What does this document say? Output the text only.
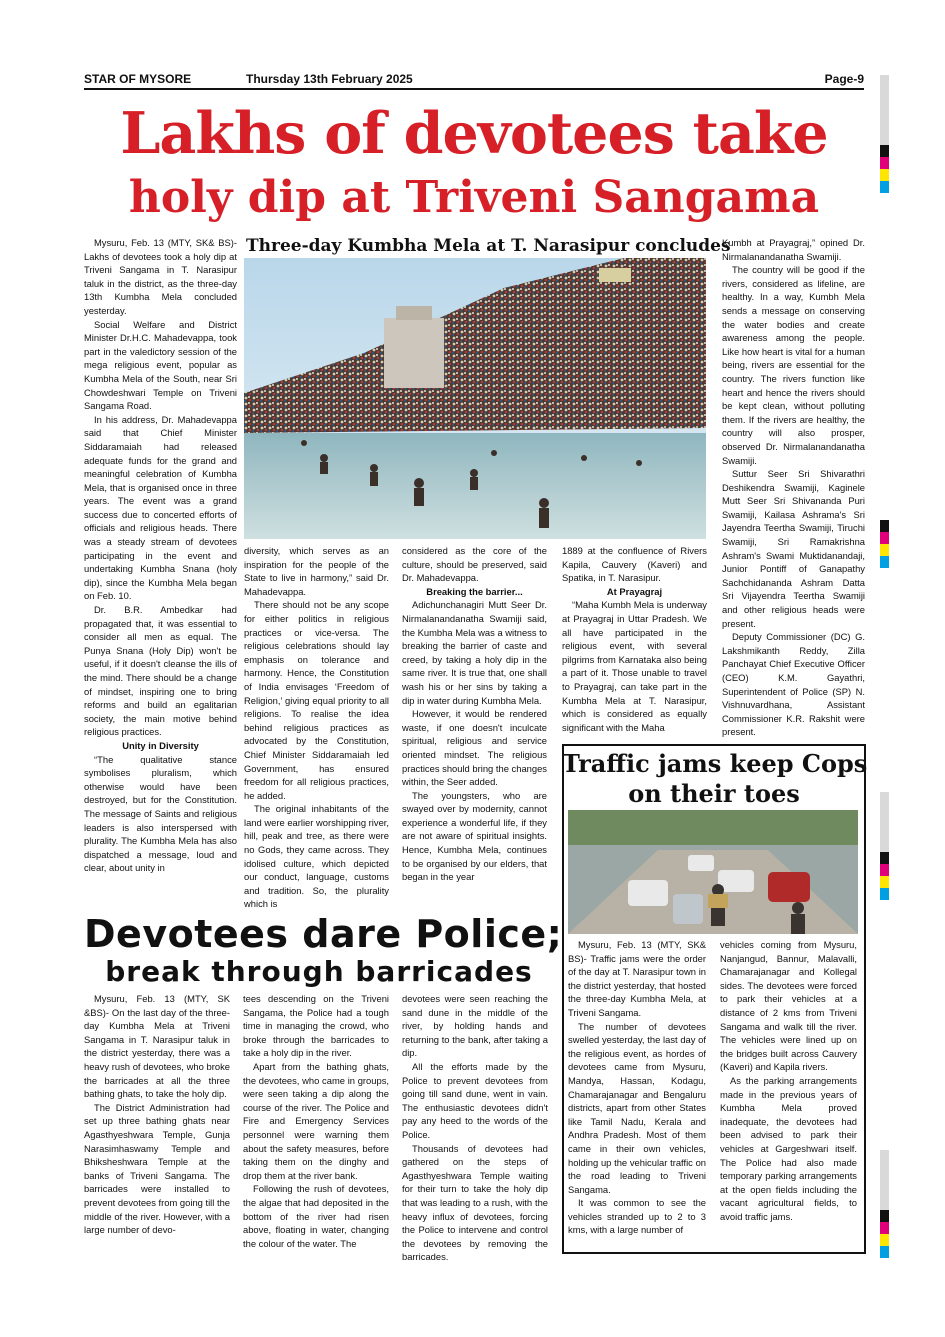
STAR OF MYSORE	Thursday 13th February 2025	Page-9
Lakhs of devotees take
holy dip at Triveni Sangama

Mysuru, Feb. 13 (MTY, SK& BS)- Lakhs of devotees took a holy dip at Triveni Sangama in T. Narasipur taluk in the district, as the three-day 13th Kumbha Mela concluded yesterday.

Social Welfare and District Minister Dr.H.C. Mahadevappa, took part in the valedictory session of the mega religious event, popular as Kumbha Mela of the South, near Sri Chowdeshwari Temple on Triveni Sangama Road.

In his address, Dr. Mahadevappa said that Chief Minister Siddaramaiah had released adequate funds for the grand and meaningful celebration of Kumbha Mela, that is organised once in three years. The event was a grand success due to concerted efforts of officials and religious heads. There was a steady stream of devotees participating in the event and undertaking Kumbha Snana (holy dip), since the Kumbha Mela began on Feb. 10.

Dr. B.R. Ambedkar had propagated that, it was essential to consider all men as equal. The Punya Snana (Holy Dip) won't be useful, if it doesn't cleanse the ills of the mind. There should be a change of mindset, inspiring one to bring reforms and build an egalitarian society, the main motive behind religious practices.

Unity in Diversity

“The qualitative stance symbolises pluralism, which otherwise would have been destroyed, but for the Constitution. The message of Saints and religious leaders is also interspersed with plurality. The Kumbha Mela has also dispatched a message, loud and clear, about unity in

Three-day Kumbha Mela at T. Narasipur concludes

diversity, which serves as an inspiration for the people of the State to live in harmony,” said Dr. Mahadevappa.

There should not be any scope for either politics in religious practices or vice-versa. The religious celebrations should lay emphasis on tolerance and harmony. Hence, the Constitution of India envisages ‘Freedom of Religion,’ giving equal priority to all religions. To realise the idea behind religious practices as advocated by the Constitution, Chief Minister Siddaramaiah led Government, has ensured freedom for all religious practices, he added.

The original inhabitants of the land were earlier worshipping river, hill, peak and tree, as there were no Gods, they came across. They idolised culture, which depicted our conduct, language, customs and tradition. So, the plurality which is

considered as the core of the culture, should be preserved, said Dr. Mahadevappa.

Breaking the barrier...

Adichunchanagiri Mutt Seer Dr. Nirmalanandanatha Swamiji said, the Kumbha Mela was a witness to breaking the barrier of caste and creed, by taking a holy dip in the same river. It is true that, one shall wash his or her sins by taking a dip in water during Kumbha Mela.

However, it would be rendered waste, if one doesn't inculcate spiritual, religious and service oriented mindset. The religious practices should bring the changes within, the Seer added.

The youngsters, who are swayed over by modernity, cannot experience a wonderful life, if they are not aware of spiritual insights. Hence, Kumbha Mela, continues to be organised by our elders, that began in the year

1889 at the confluence of Rivers Kapila, Cauvery (Kaveri) and Spatika, in T. Narasipur.

At Prayagraj

“Maha Kumbh Mela is underway at Prayagraj in Uttar Pradesh. We all have participated in the religious event, with several pilgrims from Karnataka also being a part of it. Those unable to travel to Prayagraj, can take part in the Kumbha Mela at T. Narasipur, which is considered as equally significant with the Maha

Kumbh at Prayagraj,” opined Dr. Nirmalanandanatha Swamiji.

The country will be good if the rivers, considered as lifeline, are healthy. In a way, Kumbh Mela sends a message on conserving the water bodies and create awareness among the people. Like how heart is vital for a human being, rivers are essential for the country. The rivers function like heart and hence the rivers should be kept clean, without polluting them. If the rivers are healthy, the country will also prosper, observed Dr. Nirmalanandanatha Swamiji.

Suttur Seer Sri Shivarathri Deshikendra Swamiji, Kaginele Mutt Seer Sri Shivananda Puri Swamiji, Kailasa Ashrama's Sri Jayendra Teertha Swamiji, Tiruchi Swamiji, Sri Ramakrishna Ashram's Swami Muktidanandaji, Junior Pontiff of Ganapathy Sachchidananda Ashram Datta Sri Vijayendra Teertha Swamiji and other religious heads were present.

Deputy Commissioner (DC) G. Lakshmikanth Reddy, Zilla Panchayat Chief Executive Officer (CEO) K.M. Gayathri, Superintendent of Police (SP) N. Vishnuvardhana, Assistant Commissioner K.R. Rakshit were present.

Traffic jams keep Cops
on their toes

Mysuru, Feb. 13 (MTY, SK& BS)- Traffic jams were the order of the day at T. Narasipur town in the district yesterday, that hosted the three-day Kumbha Mela, at Triveni Sangama.

The number of devotees swelled yesterday, the last day of the religious event, as hordes of devotees came from Mysuru, Mandya, Hassan, Kodagu, Chamarajanagar and Bengaluru districts, apart from other States like Tamil Nadu, Kerala and Andhra Pradesh. Most of them came in their own vehicles, holding up the vehicular traffic on the road leading to Triveni Sangama.

It was common to see the vehicles stranded up to 2 to 3 kms, with a large number of

vehicles coming from Mysuru, Nanjangud, Bannur, Malavalli, Chamarajanagar and Kollegal sides. The devotees were forced to park their vehicles at a distance of 2 kms from Triveni Sangama and walk till the river. The vehicles were lined up on the bridges built across Cauvery (Kaveri) and Kapila rivers.

As the parking arrangements made in the previous years of Kumbha Mela proved inadequate, the devotees had been advised to park their vehicles at Gargeshwari itself. The Police had also made temporary parking arrangements at the open fields including the vacant agricultural fields, to avoid traffic jams.

Devotees dare Police;
break through barricades

Mysuru, Feb. 13 (MTY, SK &BS)- On the last day of the three-day Kumbha Mela at Triveni Sangama in T. Narasipur taluk in the district yesterday, there was a heavy rush of devotees, who broke the barricades at all the three bathing ghats, to take the holy dip.

The District Administration had set up three bathing ghats near Agasthyeshwara Temple, Gunja Narasimhaswamy Temple and Bhiksheshwara Temple at the banks of Triveni Sangama. The barricades were installed to prevent devotees from going till the middle of the river. However, with a large number of devo-

tees descending on the Triveni Sangama, the Police had a tough time in managing the crowd, who broke through the barricades to take a holy dip in the river.

Apart from the bathing ghats, the devotees, who came in groups, were seen taking a dip along the course of the river. The Police and Fire and Emergency Services personnel were warning them about the safety measures, before taking them on the dinghy and drop them at the river bank.

Following the rush of devotees, the algae that had deposited in the bottom of the river had risen above, floating in water, changing the colour of the water. The

devotees were seen reaching the sand dune in the middle of the river, by holding hands and returning to the bank, after taking a dip.

All the efforts made by the Police to prevent devotees from going till sand dune, went in vain. The enthusiastic devotees didn't pay any heed to the words of the Police.

Thousands of devotees had gathered on the steps of Agasthyeshwara Temple waiting for their turn to take the holy dip that was leading to a rush, with the heavy influx of devotees, forcing the Police to intervene and control the devotees by removing the barricades.
